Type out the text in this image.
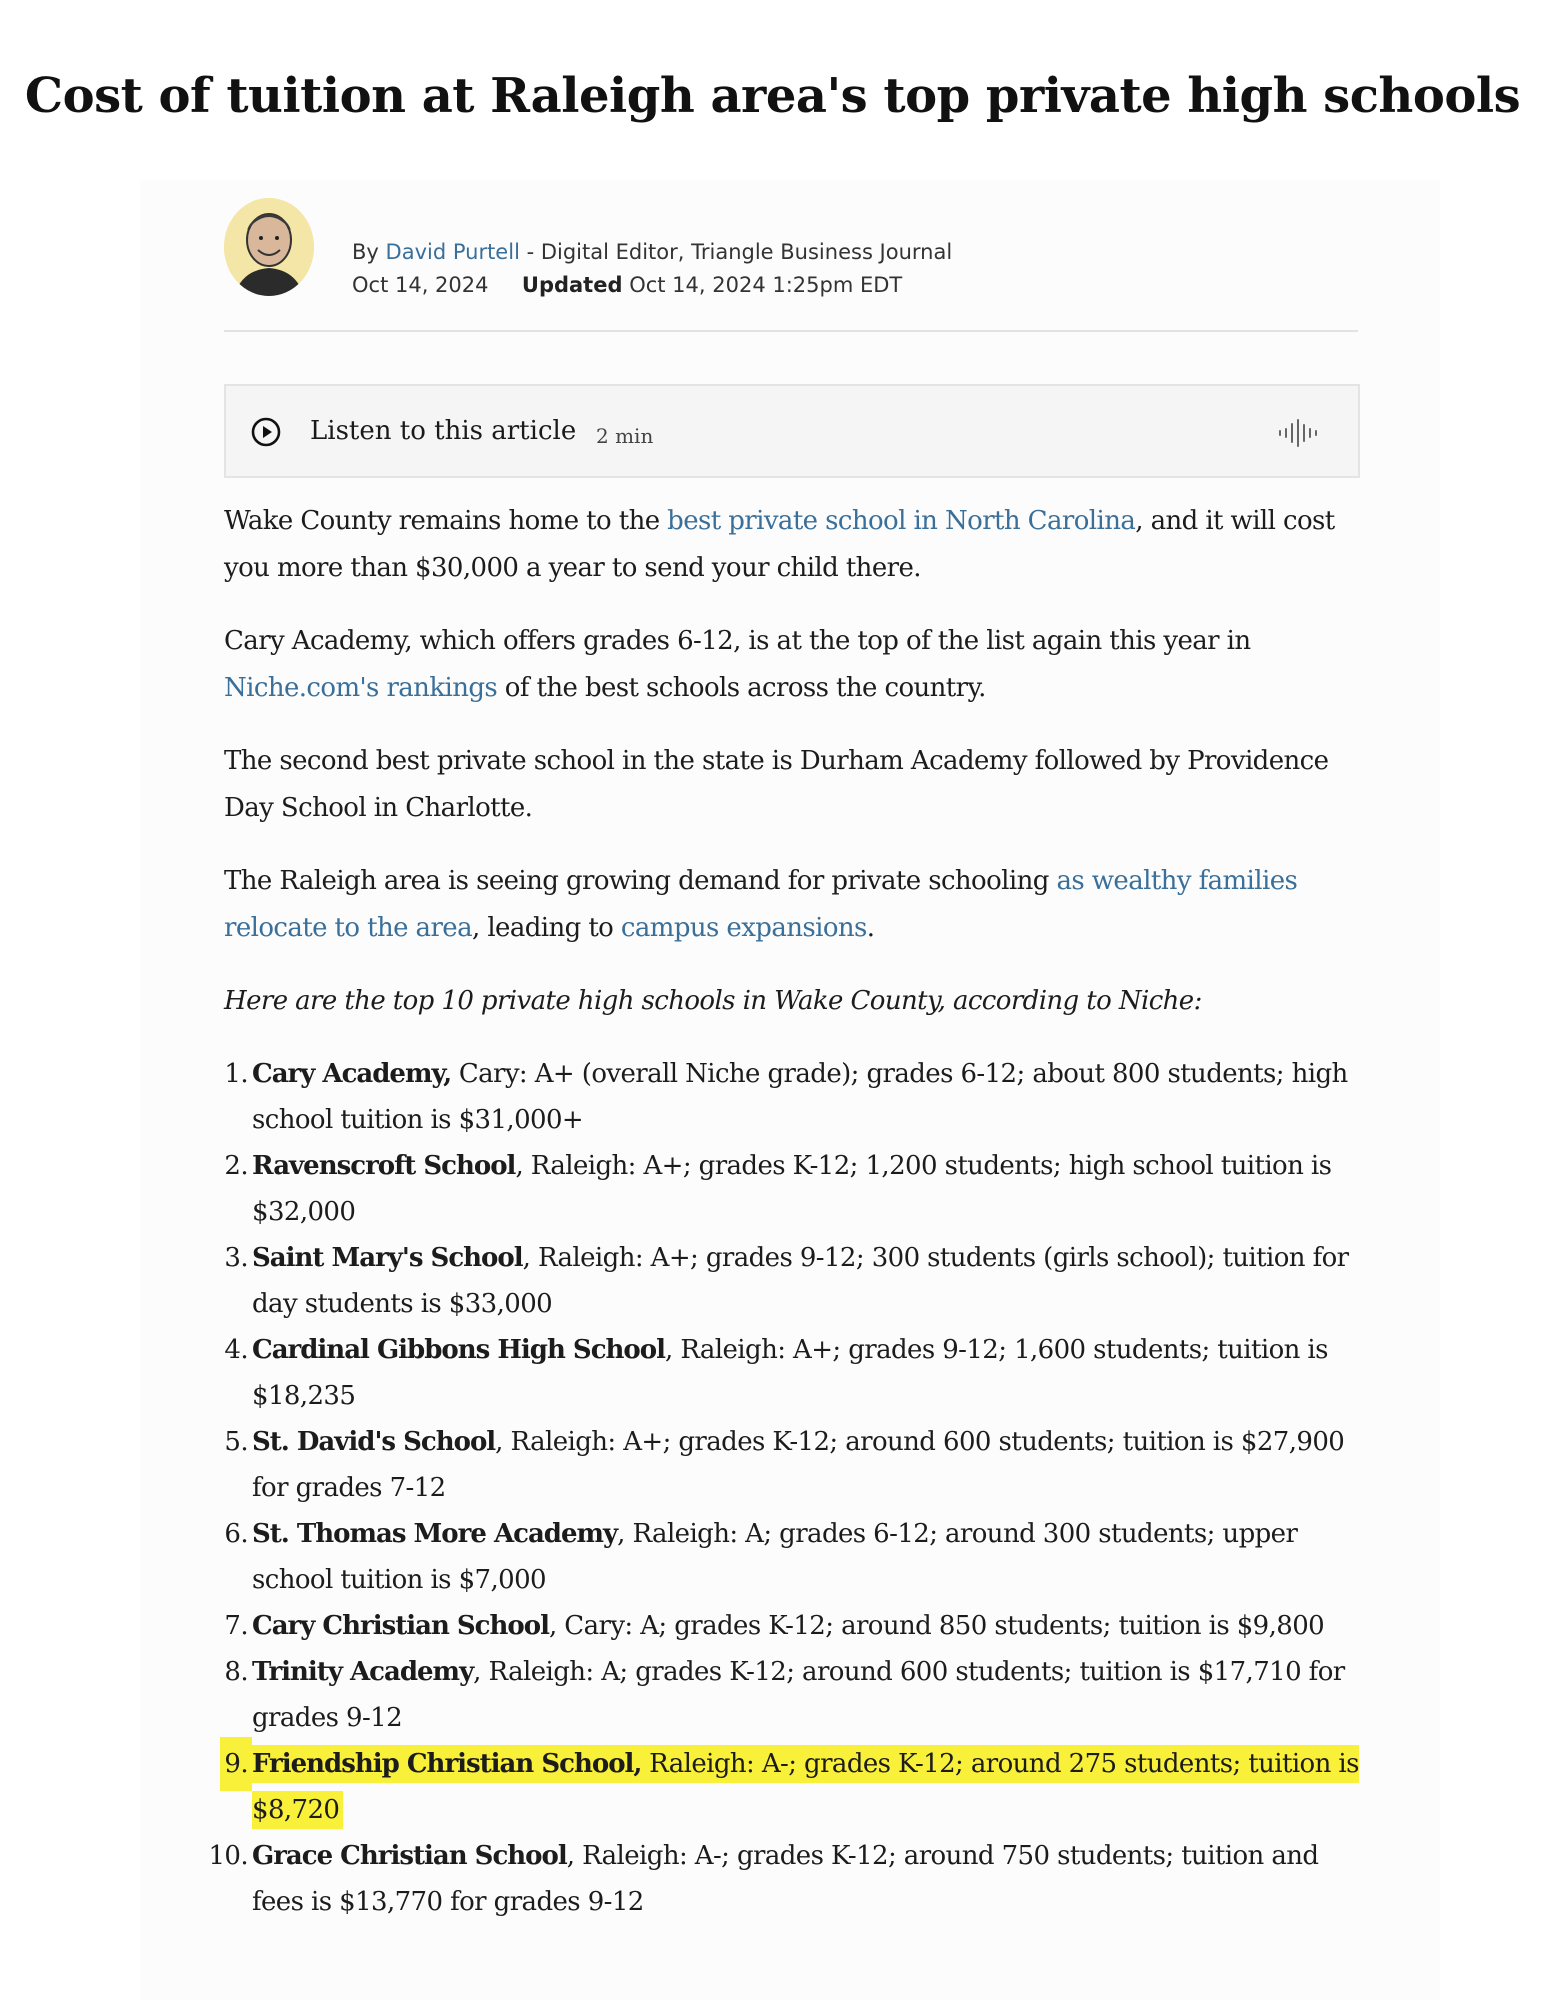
Cost of tuition at Raleigh area's top private high schools
By David Purtell - Digital Editor, Triangle Business Journal
Oct 14, 2024 Updated Oct 14, 2024 1:25pm EDT
Listen to this article 2 min

Wake County remains home to the best private school in North Carolina, and it will cost you more than $30,000 a year to send your child there.

Cary Academy, which offers grades 6-12, is at the top of the list again this year in Niche.com's rankings of the best schools across the country.

The second best private school in the state is Durham Academy followed by Providence Day School in Charlotte.

The Raleigh area is seeing growing demand for private schooling as wealthy families relocate to the area, leading to campus expansions.

Here are the top 10 private high schools in Wake County, according to Niche:

1. Cary Academy, Cary: A+ (overall Niche grade); grades 6-12; about 800 students; high school tuition is $31,000+
2. Ravenscroft School, Raleigh: A+; grades K-12; 1,200 students; high school tuition is $32,000
3. Saint Mary's School, Raleigh: A+; grades 9-12; 300 students (girls school); tuition for day students is $33,000
4. Cardinal Gibbons High School, Raleigh: A+; grades 9-12; 1,600 students; tuition is $18,235
5. St. David's School, Raleigh: A+; grades K-12; around 600 students; tuition is $27,900 for grades 7-12
6. St. Thomas More Academy, Raleigh: A; grades 6-12; around 300 students; upper school tuition is $7,000
7. Cary Christian School, Cary: A; grades K-12; around 850 students; tuition is $9,800
8. Trinity Academy, Raleigh: A; grades K-12; around 600 students; tuition is $17,710 for grades 9-12
9. Friendship Christian School, Raleigh: A-; grades K-12; around 275 students; tuition is $8,720
10. Grace Christian School, Raleigh: A-; grades K-12; around 750 students; tuition and fees is $13,770 for grades 9-12
